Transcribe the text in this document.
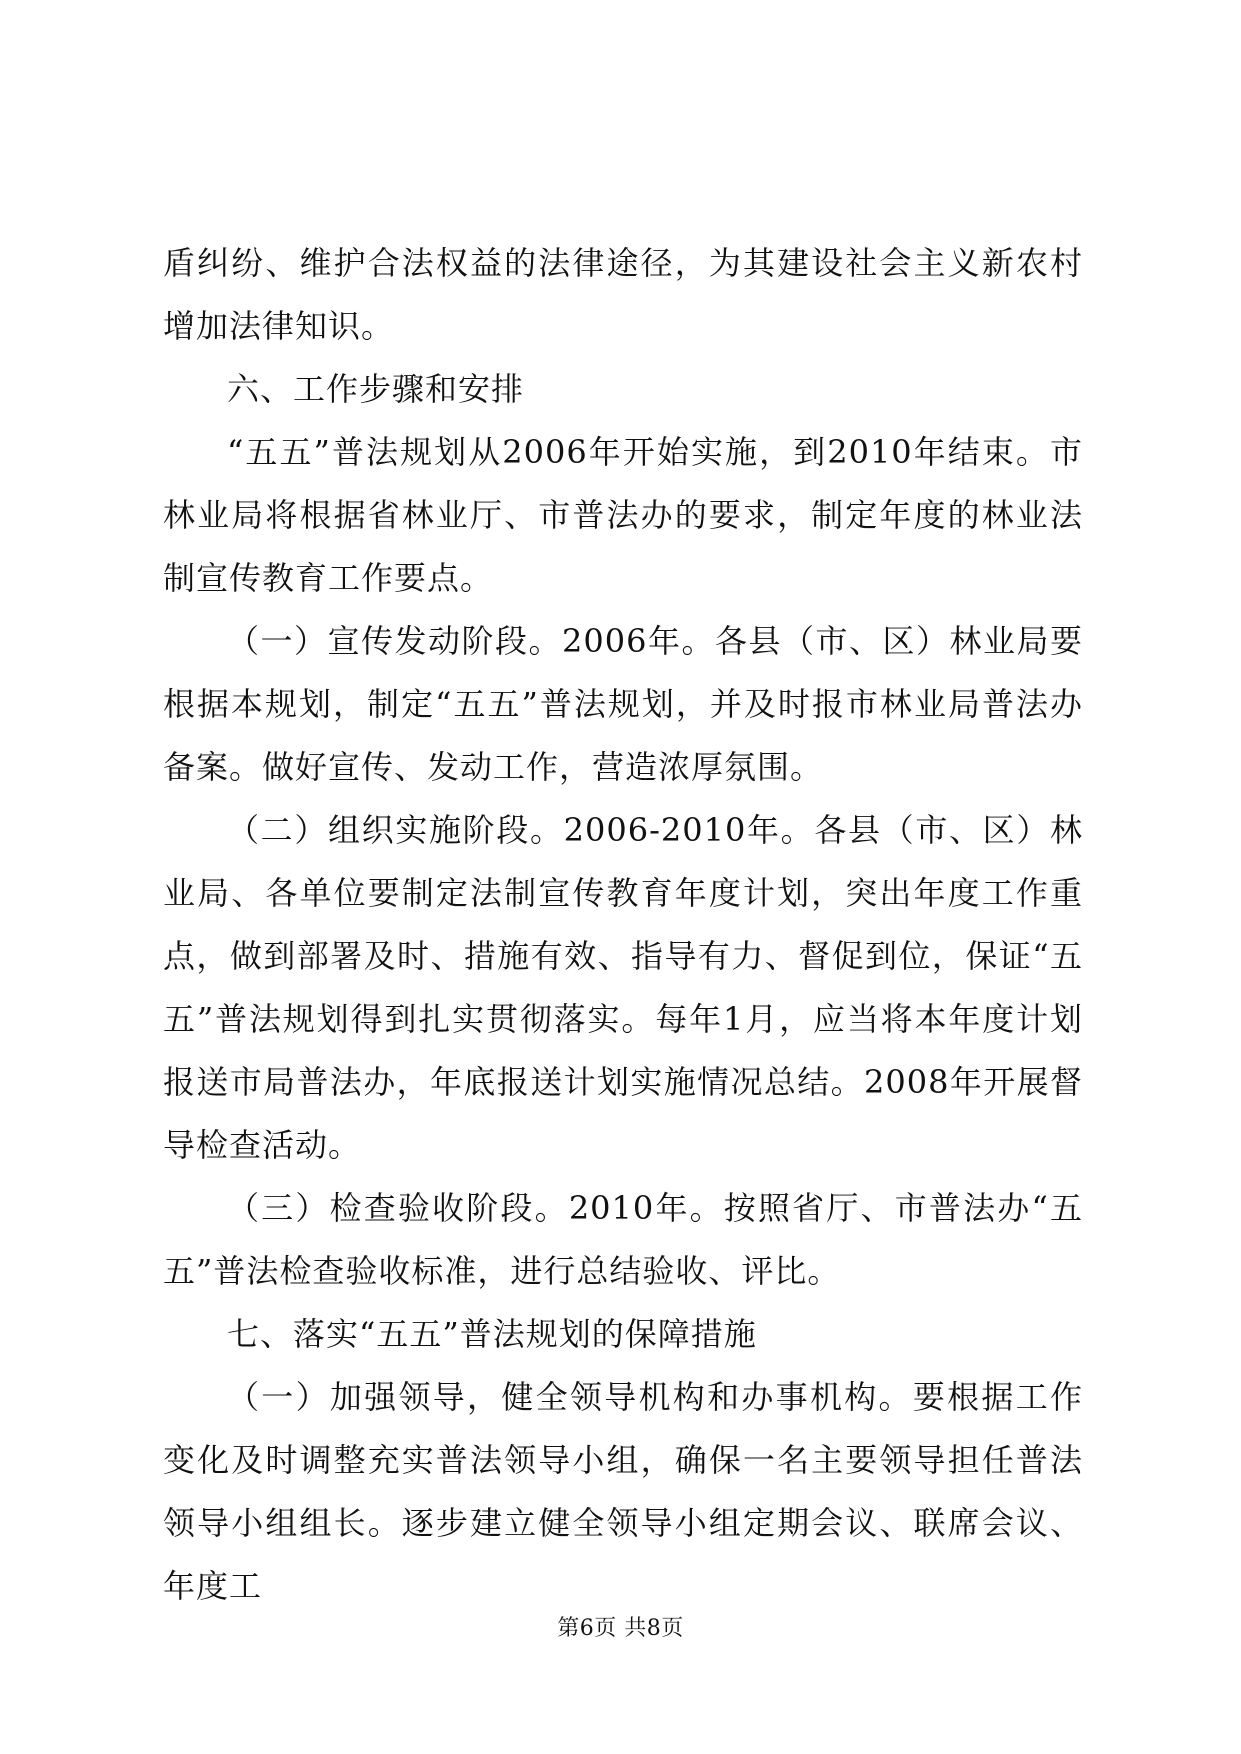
盾纠纷、维护合法权益的法律途径，为其建设社会主义新农村增加法律知识。

六、工作步骤和安排

“五五”普法规划从2006年开始实施，到2010年结束。市林业局将根据省林业厅、市普法办的要求，制定年度的林业法制宣传教育工作要点。

（一）宣传发动阶段。2006年。各县（市、区）林业局要根据本规划，制定“五五”普法规划，并及时报市林业局普法办备案。做好宣传、发动工作，营造浓厚氛围。

（二）组织实施阶段。2006-2010年。各县（市、区）林业局、各单位要制定法制宣传教育年度计划，突出年度工作重点，做到部署及时、措施有效、指导有力、督促到位，保证“五五”普法规划得到扎实贯彻落实。每年1月，应当将本年度计划报送市局普法办，年底报送计划实施情况总结。2008年开展督导检查活动。

（三）检查验收阶段。2010年。按照省厅、市普法办“五五”普法检查验收标准，进行总结验收、评比。

七、落实“五五”普法规划的保障措施

（一）加强领导，健全领导机构和办事机构。要根据工作变化及时调整充实普法领导小组，确保一名主要领导担任普法领导小组组长。逐步建立健全领导小组定期会议、联席会议、年度工

第6页 共8页
